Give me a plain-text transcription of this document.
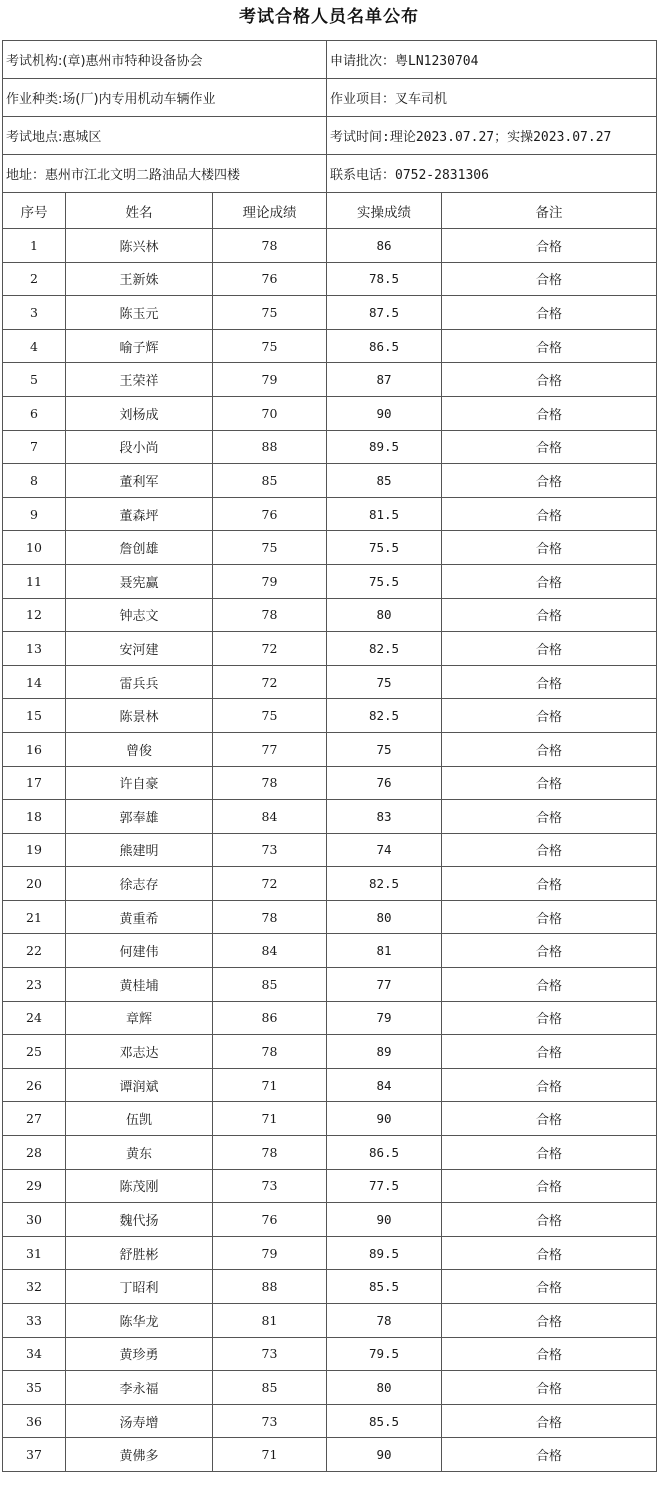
考试合格人员名单公布
考试机构:(章)惠州市特种设备协会			申请批次：粤LN1230704	
作业种类:场(厂)内专用机动车辆作业			作业项目：叉车司机	
考试地点:惠城区			考试时间:理论2023.07.27；实操2023.07.27	
地址：惠州市江北文明二路油品大楼四楼			联系电话：0752-2831306	
序号	姓名	理论成绩	实操成绩	备注
1	陈兴林	78	86	合格
2	王新姝	76	78.5	合格
3	陈玉元	75	87.5	合格
4	喻子辉	75	86.5	合格
5	王荣祥	79	87	合格
6	刘杨成	70	90	合格
7	段小尚	88	89.5	合格
8	董利军	85	85	合格
9	董森坪	76	81.5	合格
10	詹创雄	75	75.5	合格
11	聂宪赢	79	75.5	合格
12	钟志文	78	80	合格
13	安河建	72	82.5	合格
14	雷兵兵	72	75	合格
15	陈景林	75	82.5	合格
16	曾俊	77	75	合格
17	许自豪	78	76	合格
18	郭奉雄	84	83	合格
19	熊建明	73	74	合格
20	徐志存	72	82.5	合格
21	黄重希	78	80	合格
22	何建伟	84	81	合格
23	黄桂埔	85	77	合格
24	章辉	86	79	合格
25	邓志达	78	89	合格
26	谭润斌	71	84	合格
27	伍凯	71	90	合格
28	黄东	78	86.5	合格
29	陈茂刚	73	77.5	合格
30	魏代扬	76	90	合格
31	舒胜彬	79	89.5	合格
32	丁昭利	88	85.5	合格
33	陈华龙	81	78	合格
34	黄珍勇	73	79.5	合格
35	李永福	85	80	合格
36	汤寿增	73	85.5	合格
37	黄佛多	71	90	合格
